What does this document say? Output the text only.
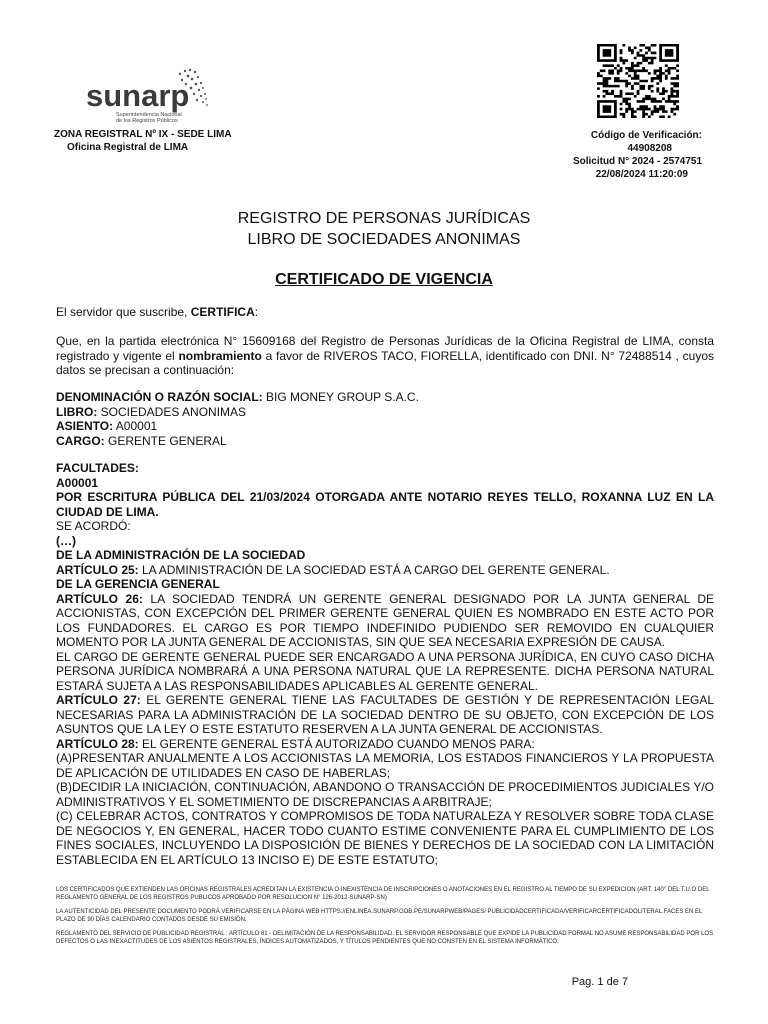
sunarp
Superintendencia Nacional
de los Registros Públicos
ZONA REGISTRAL Nº IX - SEDE LIMA
Oficina Registral de LIMA
Código de Verificación:
44908208
Solicitud N° 2024 - 2574751
22/08/2024 11:20:09
REGISTRO DE PERSONAS JURÍDICAS
LIBRO DE SOCIEDADES ANONIMAS
CERTIFICADO DE VIGENCIA
El servidor que suscribe, CERTIFICA:
Que, en la partida electrónica N° 15609168 del Registro de Personas Jurídicas de la Oficina Registral de LIMA, consta registrado y vigente el nombramiento a favor de RIVEROS TACO, FIORELLA, identificado con DNI. N° 72488514 , cuyos datos se precisan a continuación:
DENOMINACIÓN O RAZÓN SOCIAL: BIG MONEY GROUP S.A.C.
LIBRO: SOCIEDADES ANONIMAS
ASIENTO: A00001
CARGO: GERENTE GENERAL
FACULTADES:
A00001
POR ESCRITURA PÚBLICA DEL 21/03/2024 OTORGADA ANTE NOTARIO REYES TELLO, ROXANNA LUZ EN LA CIUDAD DE LIMA.
SE ACORDÓ:
(…)
DE LA ADMINISTRACIÓN DE LA SOCIEDAD
ARTÍCULO 25: LA ADMINISTRACIÓN DE LA SOCIEDAD ESTÁ A CARGO DEL GERENTE GENERAL.
DE LA GERENCIA GENERAL
ARTÍCULO 26: LA SOCIEDAD TENDRÁ UN GERENTE GENERAL DESIGNADO POR LA JUNTA GENERAL DE ACCIONISTAS, CON EXCEPCIÓN DEL PRIMER GERENTE GENERAL QUIEN ES NOMBRADO EN ESTE ACTO POR LOS FUNDADORES. EL CARGO ES POR TIEMPO INDEFINIDO PUDIENDO SER REMOVIDO EN CUALQUIER MOMENTO POR LA JUNTA GENERAL DE ACCIONISTAS, SIN QUE SEA NECESARIA EXPRESIÓN DE CAUSA.
EL CARGO DE GERENTE GENERAL PUEDE SER ENCARGADO A UNA PERSONA JURÍDICA, EN CUYO CASO DICHA PERSONA JURÍDICA NOMBRARÁ A UNA PERSONA NATURAL QUE LA REPRESENTE. DICHA PERSONA NATURAL ESTARÁ SUJETA A LAS RESPONSABILIDADES APLICABLES AL GERENTE GENERAL.
ARTÍCULO 27: EL GERENTE GENERAL TIENE LAS FACULTADES DE GESTIÓN Y DE REPRESENTACIÓN LEGAL NECESARIAS PARA LA ADMINISTRACIÓN DE LA SOCIEDAD DENTRO DE SU OBJETO, CON EXCEPCIÓN DE LOS ASUNTOS QUE LA LEY O ESTE ESTATUTO RESERVEN A LA JUNTA GENERAL DE ACCIONISTAS.
ARTÍCULO 28: EL GERENTE GENERAL ESTÁ AUTORIZADO CUANDO MENOS PARA:
(A)PRESENTAR ANUALMENTE A LOS ACCIONISTAS LA MEMORIA, LOS ESTADOS FINANCIEROS Y LA PROPUESTA DE APLICACIÓN DE UTILIDADES EN CASO DE HABERLAS;
(B)DECIDIR LA INICIACIÓN, CONTINUACIÓN, ABANDONO O TRANSACCIÓN DE PROCEDIMIENTOS JUDICIALES Y/O ADMINISTRATIVOS Y EL SOMETIMIENTO DE DISCREPANCIAS A ARBITRAJE;
(C) CELEBRAR ACTOS, CONTRATOS Y COMPROMISOS DE TODA NATURALEZA Y RESOLVER SOBRE TODA CLASE DE NEGOCIOS Y, EN GENERAL, HACER TODO CUANTO ESTIME CONVENIENTE PARA EL CUMPLIMIENTO DE LOS FINES SOCIALES, INCLUYENDO LA DISPOSICIÓN DE BIENES Y DERECHOS DE LA SOCIEDAD CON LA LIMITACIÓN ESTABLECIDA EN EL ARTÍCULO 13 INCISO E) DE ESTE ESTATUTO;
LOS CERTIFICADOS QUE EXTIENDEN LAS OFICINAS REGISTRALES ACREDITAN LA EXISTENCIA O INEXISTENCIA DE INSCRIPCIONES O ANOTACIONES EN EL REGISTRO AL TIEMPO DE SU EXPEDICION (ART. 140° DEL T.U.O DEL REGLAMENTO GENERAL DE LOS REGISTROS PUBLICOS APROBADO POR RESOLUCION N° 126-2012-SUNARP-SN)
LA AUTENTICIDAD DEL PRESENTE DOCUMENTO PODRÁ VERIFICARSE EN LA PÁGINA WEB HTTPS://ENLINEA.SUNARP.GOB.PE/SUNARPWEB/PAGES/ PUBLICIDADCERTIFICADA/VERIFICARCERTIFICADOLITERAL.FACES EN EL PLAZO DE 90 DÍAS CALENDARIO CONTADOS DESDE SU EMISIÓN.
REGLAMENTO DEL SERVICIO DE PUBLICIDAD REGISTRAL : ARTÍCULO 81 - DELIMITACIÓN DE LA RESPONSABILIDAD. EL SERVIDOR RESPONSABLE QUE EXPIDE LA PUBLICIDAD FORMAL NO ASUME RESPONSABILIDAD POR LOS DEFECTOS O LAS INEXACTITUDES DE LOS ASIENTOS REGISTRALES, ÍNDICES AUTOMATIZADOS, Y TÍTULOS PENDIENTES QUE NO CONSTEN EN EL SISTEMA INFORMÁTICO.
Pag. 1 de 7
